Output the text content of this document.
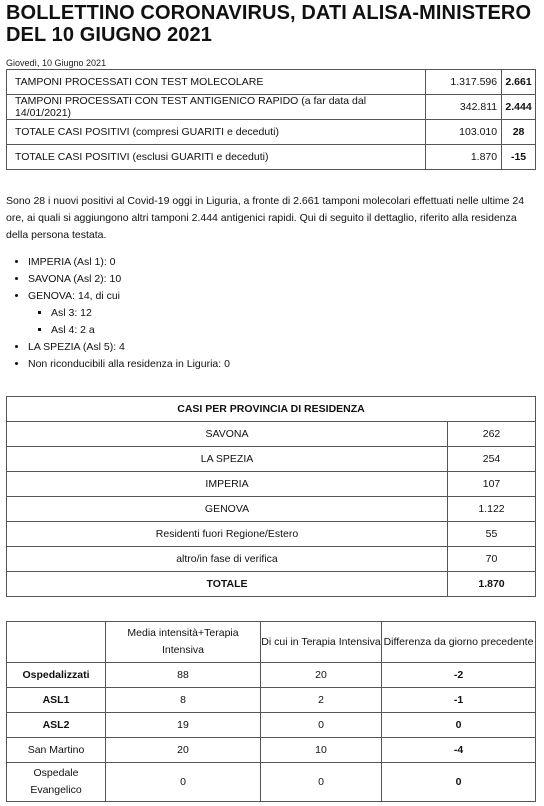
BOLLETTINO CORONAVIRUS, DATI ALISA-MINISTERO DEL 10 GIUGNO 2021
Giovedì, 10 Giugno 2021
TAMPONI PROCESSATI CON TEST MOLECOLARE	1.317.596	2.661
TAMPONI PROCESSATI CON TEST ANTIGENICO RAPIDO (a far data dal 14/01/2021)	342.811	2.444
TOTALE CASI POSITIVI (compresi GUARITI e deceduti)	103.010	28
TOTALE CASI POSITIVI (esclusi GUARITI e deceduti)	1.870	-15

Sono 28 i nuovi positivi al Covid-19 oggi in Liguria, a fronte di 2.661 tamponi molecolari effettuati nelle ultime 24 ore, ai quali si aggiungono altri tamponi 2.444 antigenici rapidi. Qui di seguito il dettaglio, riferito alla residenza della persona testata.

• IMPERIA (Asl 1): 0
• SAVONA (Asl 2): 10
• GENOVA: 14, di cui
▪ Asl 3: 12
▪ Asl 4: 2 a
• LA SPEZIA (Asl 5): 4
• Non riconducibili alla residenza in Liguria: 0
CASI PER PROVINCIA DI RESIDENZA	
SAVONA	262
LA SPEZIA	254
IMPERIA	107
GENOVA	1.122
Residenti fuori Regione/Estero	55
altro/in fase di verifica	70
TOTALE	1.870
	Media intensità+Terapia Intensiva	Di cui in Terapia Intensiva	Differenza da giorno precedente
Ospedalizzati	88	20	-2
ASL1	8	2	-1
ASL2	19	0	0
San Martino	20	10	-4
Ospedale Evangelico	0	0	0
